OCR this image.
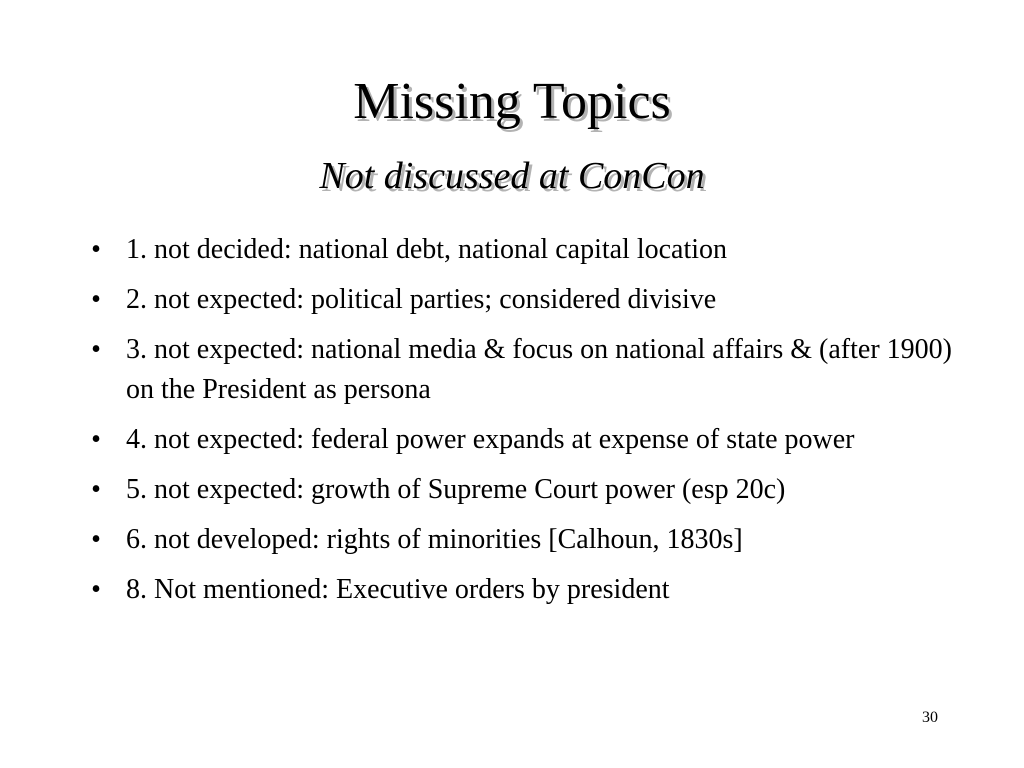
Missing Topics
Not discussed at ConCon
• 1. not decided: national debt, national capital location
• 2. not expected: political parties; considered divisive
• 3. not expected: national media & focus on national affairs & (after 1900) on the President as persona
• 4. not expected: federal power expands at expense of state power
• 5. not expected: growth of Supreme Court power (esp 20c)
• 6. not developed: rights of minorities [Calhoun, 1830s]
• 8. Not mentioned: Executive orders by president
30
